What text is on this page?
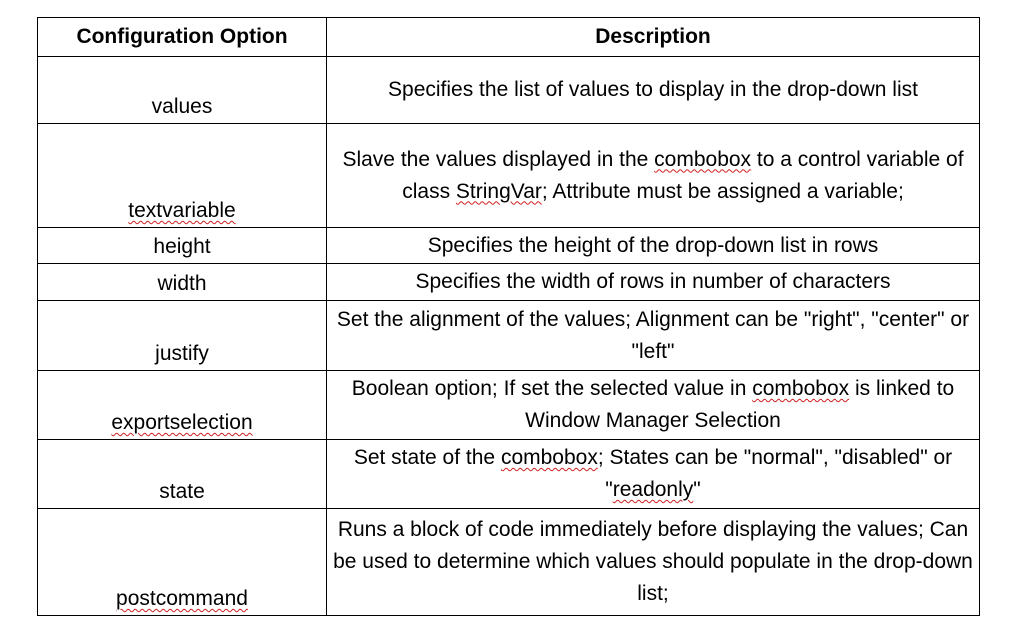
Configuration Option	Description
values	Specifies the list of values to display in the drop-down list
textvariable	Slave the values displayed in the combobox to a control variable of class StringVar; Attribute must be assigned a variable;
height	Specifies the height of the drop-down list in rows
width	Specifies the width of rows in number of characters
justify	Set the alignment of the values; Alignment can be "right", "center" or "left"
exportselection	Boolean option; If set the selected value in combobox is linked to Window Manager Selection
state	Set state of the combobox; States can be "normal", "disabled" or "readonly"
postcommand	Runs a block of code immediately before displaying the values; Can be used to determine which values should populate in the drop-down list;
